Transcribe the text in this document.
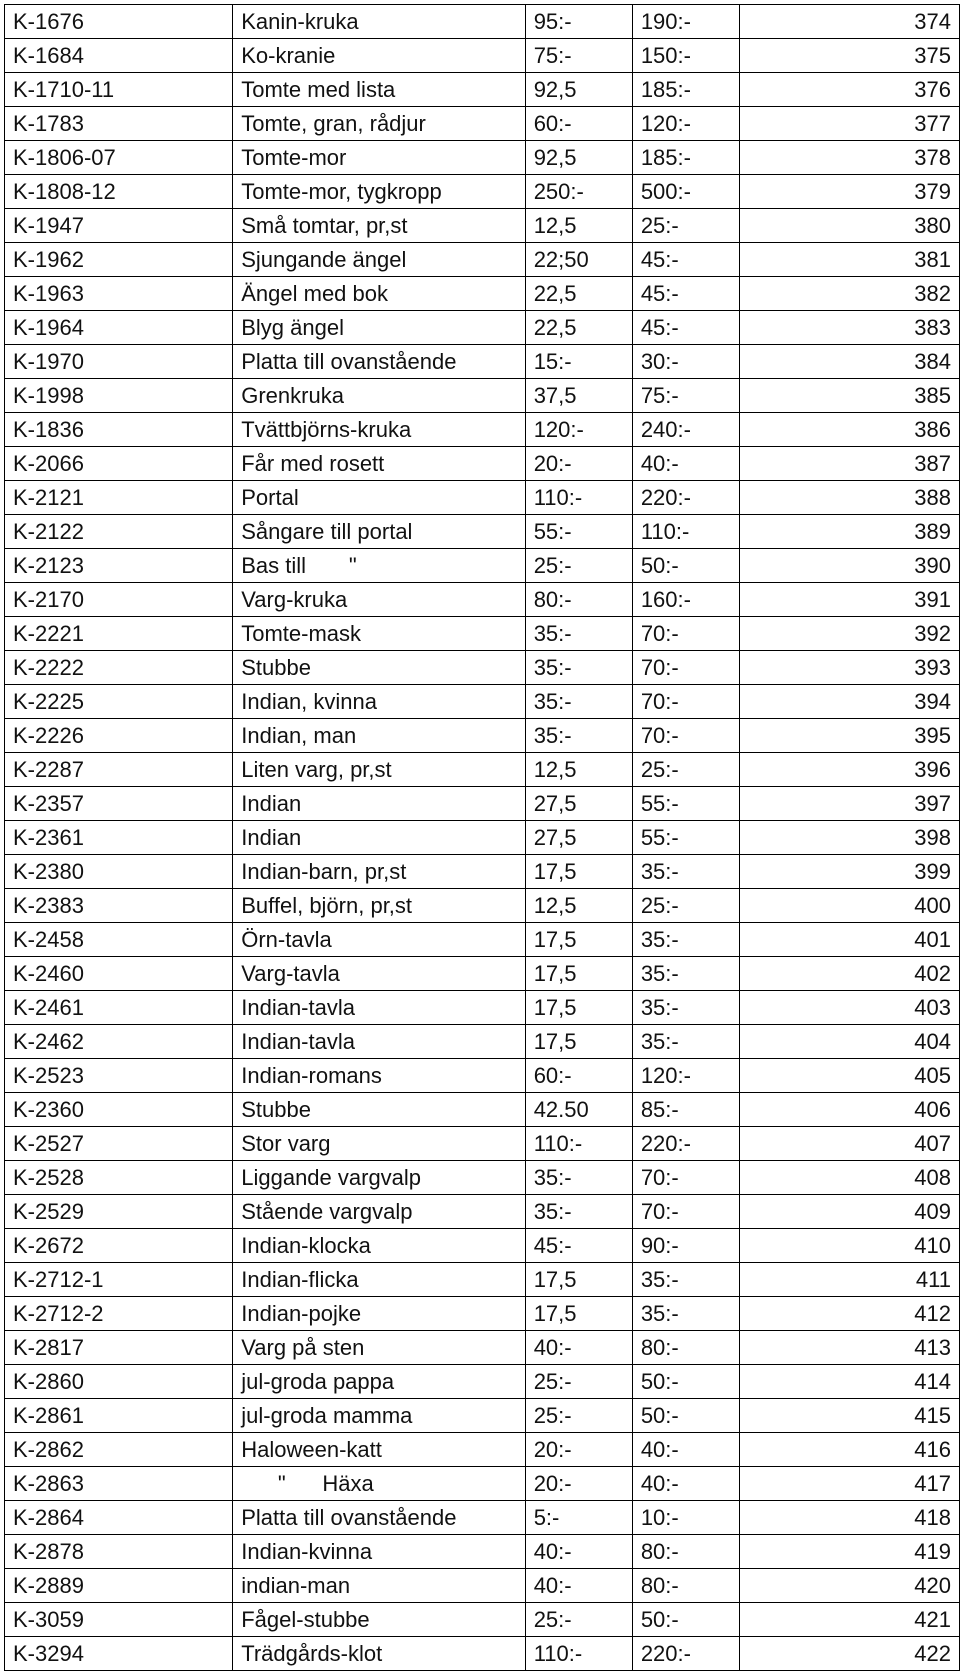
K-1676	Kanin-kruka	95:-	190:-	374
K-1684	Ko-kranie	75:-	150:-	375
K-1710-11	Tomte med lista	92,5	185:-	376
K-1783	Tomte, gran, rådjur	60:-	120:-	377
K-1806-07	Tomte-mor	92,5	185:-	378
K-1808-12	Tomte-mor, tygkropp	250:-	500:-	379
K-1947	Små tomtar, pr,st	12,5	25:-	380
K-1962	Sjungande ängel	22;50	45:-	381
K-1963	Ängel med bok	22,5	45:-	382
K-1964	Blyg ängel	22,5	45:-	383
K-1970	Platta till ovanstående	15:-	30:-	384
K-1998	Grenkruka	37,5	75:-	385
K-1836	Tvättbjörns-kruka	120:-	240:-	386
K-2066	Får med rosett	20:-	40:-	387
K-2121	Portal	110:-	220:-	388
K-2122	Sångare till portal	55:-	110:-	389
K-2123	Bas till       "	25:-	50:-	390
K-2170	Varg-kruka	80:-	160:-	391
K-2221	Tomte-mask	35:-	70:-	392
K-2222	Stubbe	35:-	70:-	393
K-2225	Indian, kvinna	35:-	70:-	394
K-2226	Indian, man	35:-	70:-	395
K-2287	Liten varg, pr,st	12,5	25:-	396
K-2357	Indian	27,5	55:-	397
K-2361	Indian	27,5	55:-	398
K-2380	Indian-barn, pr,st	17,5	35:-	399
K-2383	Buffel, björn, pr,st	12,5	25:-	400
K-2458	Örn-tavla	17,5	35:-	401
K-2460	Varg-tavla	17,5	35:-	402
K-2461	Indian-tavla	17,5	35:-	403
K-2462	Indian-tavla	17,5	35:-	404
K-2523	Indian-romans	60:-	120:-	405
K-2360	Stubbe	42.50	85:-	406
K-2527	Stor varg	110:-	220:-	407
K-2528	Liggande vargvalp	35:-	70:-	408
K-2529	Stående vargvalp	35:-	70:-	409
K-2672	Indian-klocka	45:-	90:-	410
K-2712-1	Indian-flicka	17,5	35:-	411
K-2712-2	Indian-pojke	17,5	35:-	412
K-2817	Varg på sten	40:-	80:-	413
K-2860	jul-groda pappa	25:-	50:-	414
K-2861	jul-groda mamma	25:-	50:-	415
K-2862	Haloween-katt	20:-	40:-	416
K-2863	"      Häxa	20:-	40:-	417
K-2864	Platta till ovanstående	5:-	10:-	418
K-2878	Indian-kvinna	40:-	80:-	419
K-2889	indian-man	40:-	80:-	420
K-3059	Fågel-stubbe	25:-	50:-	421
K-3294	Trädgårds-klot	110:-	220:-	422
